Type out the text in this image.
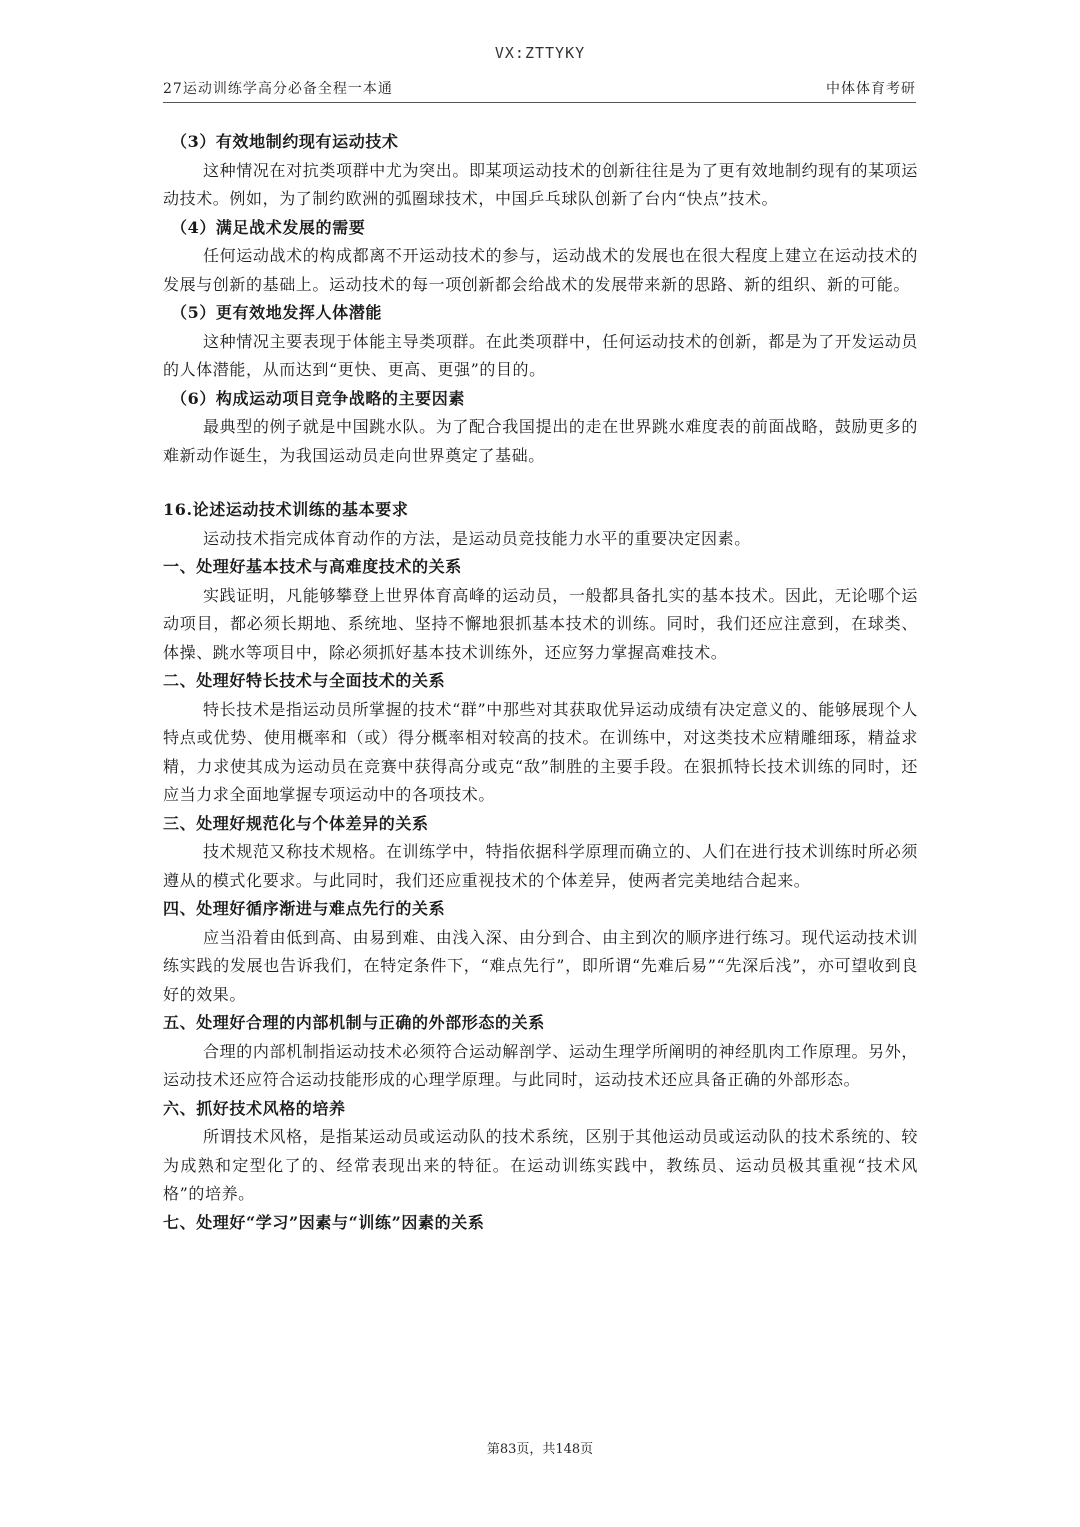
VX:ZTTYKY
27运动训练学高分必备全程一本通	中体体育考研

（3）有效地制约现有运动技术

这种情况在对抗类项群中尤为突出。即某项运动技术的创新往往是为了更有效地制约现有的某项运动技术。例如，为了制约欧洲的弧圈球技术，中国乒乓球队创新了台内“快点”技术。

（4）满足战术发展的需要

任何运动战术的构成都离不开运动技术的参与，运动战术的发展也在很大程度上建立在运动技术的发展与创新的基础上。运动技术的每一项创新都会给战术的发展带来新的思路、新的组织、新的可能。

（5）更有效地发挥人体潜能

这种情况主要表现于体能主导类项群。在此类项群中，任何运动技术的创新，都是为了开发运动员的人体潜能，从而达到“更快、更高、更强”的目的。

（6）构成运动项目竞争战略的主要因素

最典型的例子就是中国跳水队。为了配合我国提出的走在世界跳水难度表的前面战略，鼓励更多的难新动作诞生，为我国运动员走向世界奠定了基础。

16.论述运动技术训练的基本要求

运动技术指完成体育动作的方法，是运动员竞技能力水平的重要决定因素。

一、处理好基本技术与高难度技术的关系

实践证明，凡能够攀登上世界体育高峰的运动员，一般都具备扎实的基本技术。因此，无论哪个运动项目，都必须长期地、系统地、坚持不懈地狠抓基本技术的训练。同时，我们还应注意到，在球类、体操、跳水等项目中，除必须抓好基本技术训练外，还应努力掌握高难技术。

二、处理好特长技术与全面技术的关系

特长技术是指运动员所掌握的技术“群”中那些对其获取优异运动成绩有决定意义的、能够展现个人特点或优势、使用概率和（或）得分概率相对较高的技术。在训练中，对这类技术应精雕细琢，精益求精，力求使其成为运动员在竞赛中获得高分或克“敌”制胜的主要手段。在狠抓特长技术训练的同时，还应当力求全面地掌握专项运动中的各项技术。

三、处理好规范化与个体差异的关系

技术规范又称技术规格。在训练学中，特指依据科学原理而确立的、人们在进行技术训练时所必须遵从的模式化要求。与此同时，我们还应重视技术的个体差异，使两者完美地结合起来。

四、处理好循序渐进与难点先行的关系

应当沿着由低到高、由易到难、由浅入深、由分到合、由主到次的顺序进行练习。现代运动技术训练实践的发展也告诉我们，在特定条件下，“难点先行”，即所谓“先难后易”“先深后浅”，亦可望收到良好的效果。

五、处理好合理的内部机制与正确的外部形态的关系

合理的内部机制指运动技术必须符合运动解剖学、运动生理学所阐明的神经肌肉工作原理。另外，运动技术还应符合运动技能形成的心理学原理。与此同时，运动技术还应具备正确的外部形态。

六、抓好技术风格的培养

所谓技术风格，是指某运动员或运动队的技术系统，区别于其他运动员或运动队的技术系统的、较为成熟和定型化了的、经常表现出来的特征。在运动训练实践中，教练员、运动员极其重视“技术风格”的培养。

七、处理好“学习”因素与“训练”因素的关系

第83页，共148页
